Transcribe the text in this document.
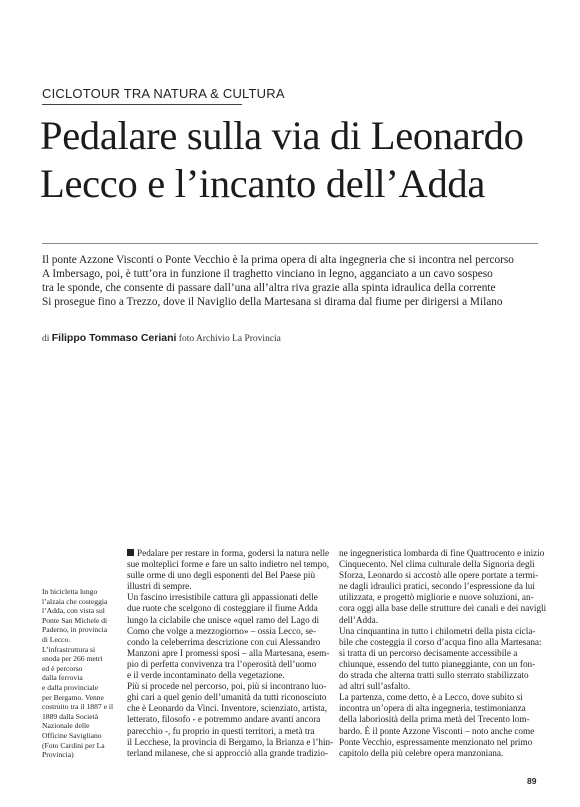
CICLOTOUR TRA NATURA & CULTURA
Pedalare sulla via di Leonardo
Lecco e l’incanto dell’Adda
Il ponte Azzone Visconti o Ponte Vecchio è la prima opera di alta ingegneria che si incontra nel percorso
A Imbersago, poi, è tutt’ora in funzione il traghetto vinciano in legno, agganciato a un cavo sospeso
tra le sponde, che consente di passare dall’una all’altra riva grazie alla spinta idraulica della corrente
Si prosegue fino a Trezzo, dove il Naviglio della Martesana si dirama dal fiume per dirigersi a Milano
di Filippo Tommaso Ceriani foto Archivio La Provincia
In bicicletta lungo
l’alzaia che costeggia
l’Adda, con vista sul
Ponte San Michele di
Paderno, in provincia
di Lecco.
L’infrastruttura si
snoda per 266 metri
ed è percorso
dalla ferrovia
e dalla provinciale
per Bergamo. Venne
costruito tra il 1887 e il
1889 dalla Società
Nazionale delle
Officine Savigliano
(Foto Cardini per La
Provincia)
Pedalare per restare in forma, godersi la natura nelle
sue molteplici forme e fare un salto indietro nel tempo,
sulle orme di uno degli esponenti del Bel Paese più
illustri di sempre.
Un fascino irresistibile cattura gli appassionati delle
due ruote che scelgono di costeggiare il fiume Adda
lungo la ciclabile che unisce «quel ramo del Lago di
Como che volge a mezzogiorno» – ossia Lecco, se-
condo la celeberrima descrizione con cui Alessandro
Manzoni apre I promessi sposi – alla Martesana, esem-
pio di perfetta convivenza tra l’operosità dell’uomo
e il verde incontaminato della vegetazione.
Più si procede nel percorso, poi, più si incontrano luo-
ghi cari a quel genio dell’umanità da tutti riconosciuto
che è Leonardo da Vinci. Inventore, scienziato, artista,
letterato, filosofo - e potremmo andare avanti ancora
parecchio -, fu proprio in questi territori, a metà tra
il Lecchese, la provincia di Bergamo, la Brianza e l’hin-
terland milanese, che si approcciò alla grande tradizio-
ne ingegneristica lombarda di fine Quattrocento e inizio
Cinquecento. Nel clima culturale della Signoria degli
Sforza, Leonardo si accostò alle opere portate a termi-
ne dagli idraulici pratici, secondo l’espressione da lui
utilizzata, e progettò migliorie e nuove soluzioni, an-
cora oggi alla base delle strutture dei canali e dei navigli
dell’Adda.
Una cinquantina in tutto i chilometri della pista cicla-
bile che costeggia il corso d’acqua fino alla Martesana:
si tratta di un percorso decisamente accessibile a
chiunque, essendo del tutto pianeggiante, con un fon-
do strada che alterna tratti sullo sterrato stabilizzato
ad altri sull’asfalto.
La partenza, come detto, è a Lecco, dove subito si
incontra un’opera di alta ingegneria, testimonianza
della laboriosità della prima metà del Trecento lom-
bardo. È il ponte Azzone Visconti – noto anche come
Ponte Vecchio, espressamente menzionato nel primo
capitolo della più celebre opera manzoniana.
89
